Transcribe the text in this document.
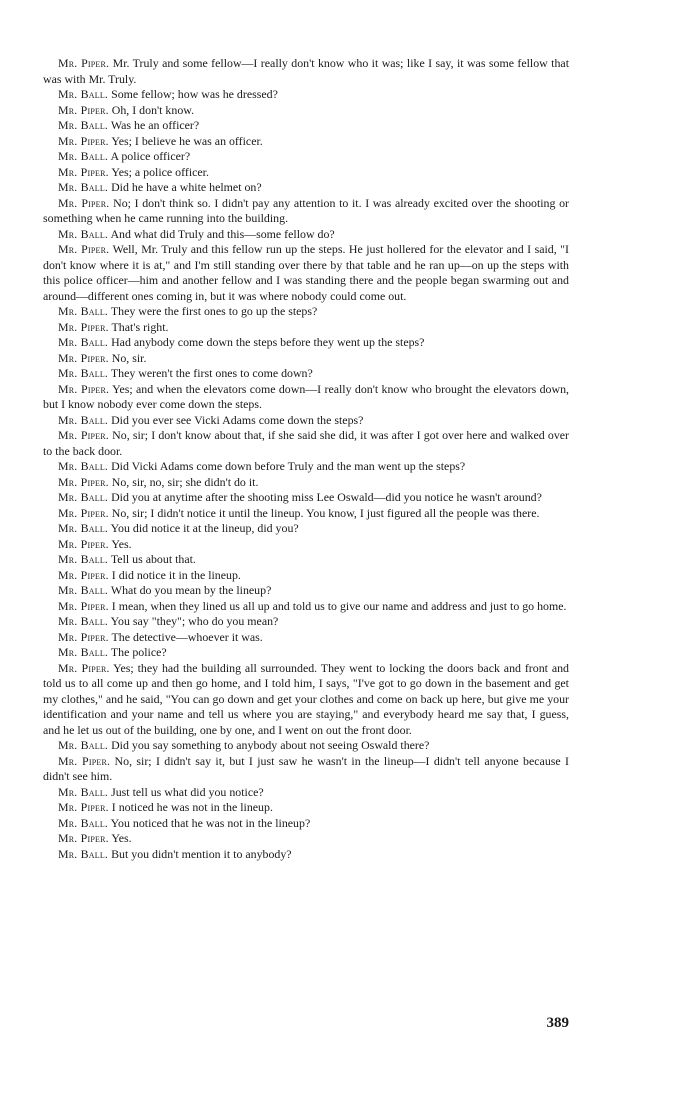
Mr. Piper. Mr. Truly and some fellow—I really don't know who it was; like I say, it was some fellow that was with Mr. Truly.

Mr. Ball. Some fellow; how was he dressed?

Mr. Piper. Oh, I don't know.

Mr. Ball. Was he an officer?

Mr. Piper. Yes; I believe he was an officer.

Mr. Ball. A police officer?

Mr. Piper. Yes; a police officer.

Mr. Ball. Did he have a white helmet on?

Mr. Piper. No; I don't think so. I didn't pay any attention to it. I was already excited over the shooting or something when he came running into the building.

Mr. Ball. And what did Truly and this—some fellow do?

Mr. Piper. Well, Mr. Truly and this fellow run up the steps. He just hollered for the elevator and I said, "I don't know where it is at," and I'm still standing over there by that table and he ran up—on up the steps with this police officer—him and another fellow and I was standing there and the people began swarming out and around—different ones coming in, but it was where nobody could come out.

Mr. Ball. They were the first ones to go up the steps?

Mr. Piper. That's right.

Mr. Ball. Had anybody come down the steps before they went up the steps?

Mr. Piper. No, sir.

Mr. Ball. They weren't the first ones to come down?

Mr. Piper. Yes; and when the elevators come down—I really don't know who brought the elevators down, but I know nobody ever come down the steps.

Mr. Ball. Did you ever see Vicki Adams come down the steps?

Mr. Piper. No, sir; I don't know about that, if she said she did, it was after I got over here and walked over to the back door.

Mr. Ball. Did Vicki Adams come down before Truly and the man went up the steps?

Mr. Piper. No, sir, no, sir; she didn't do it.

Mr. Ball. Did you at anytime after the shooting miss Lee Oswald—did you notice he wasn't around?

Mr. Piper. No, sir; I didn't notice it until the lineup. You know, I just figured all the people was there.

Mr. Ball. You did notice it at the lineup, did you?

Mr. Piper. Yes.

Mr. Ball. Tell us about that.

Mr. Piper. I did notice it in the lineup.

Mr. Ball. What do you mean by the lineup?

Mr. Piper. I mean, when they lined us all up and told us to give our name and address and just to go home.

Mr. Ball. You say "they"; who do you mean?

Mr. Piper. The detective—whoever it was.

Mr. Ball. The police?

Mr. Piper. Yes; they had the building all surrounded. They went to locking the doors back and front and told us to all come up and then go home, and I told him, I says, "I've got to go down in the basement and get my clothes," and he said, "You can go down and get your clothes and come on back up here, but give me your identification and your name and tell us where you are staying," and everybody heard me say that, I guess, and he let us out of the building, one by one, and I went on out the front door.

Mr. Ball. Did you say something to anybody about not seeing Oswald there?

Mr. Piper. No, sir; I didn't say it, but I just saw he wasn't in the lineup—I didn't tell anyone because I didn't see him.

Mr. Ball. Just tell us what did you notice?

Mr. Piper. I noticed he was not in the lineup.

Mr. Ball. You noticed that he was not in the lineup?

Mr. Piper. Yes.

Mr. Ball. But you didn't mention it to anybody?

389
